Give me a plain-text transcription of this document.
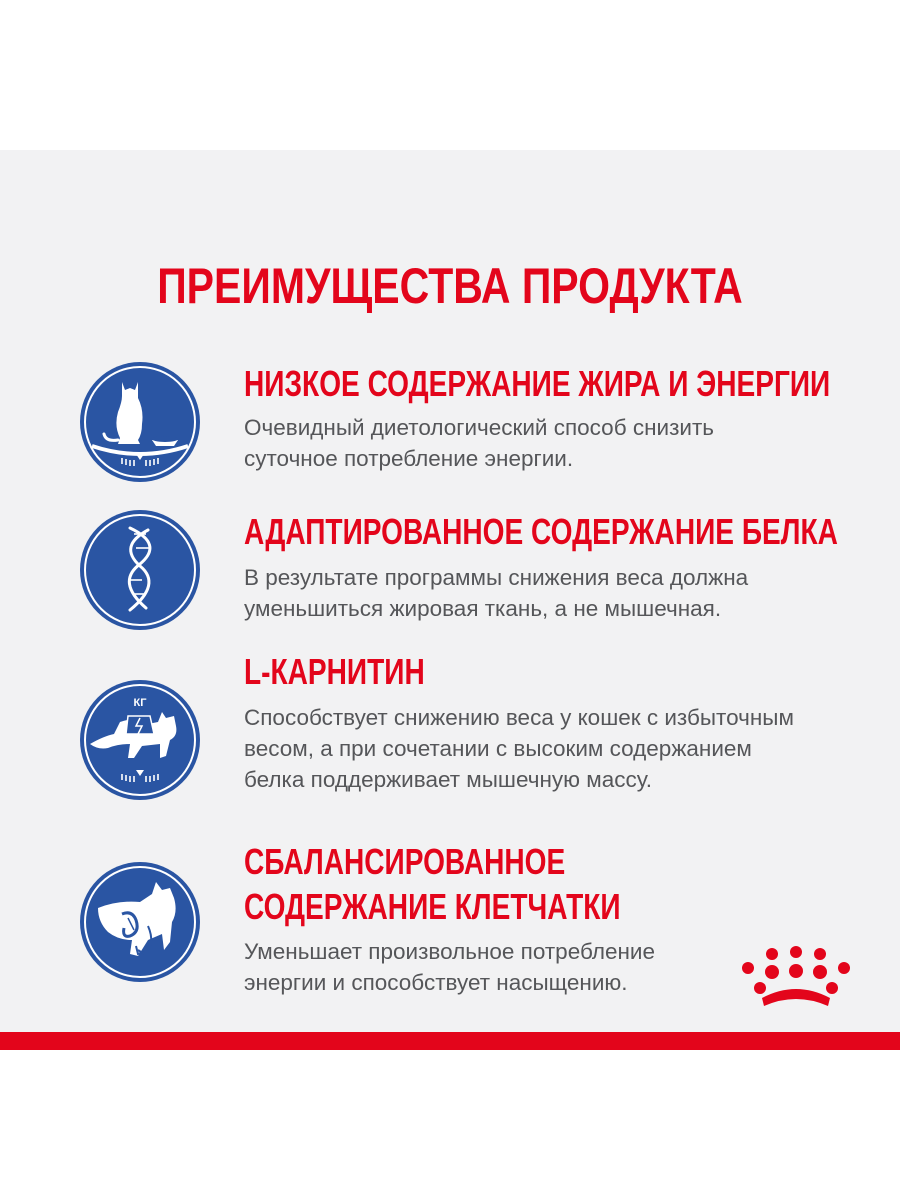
ПРЕИМУЩЕСТВА ПРОДУКТА
НИЗКОЕ СОДЕРЖАНИЕ ЖИРА И ЭНЕРГИИ
Очевидный диетологический способ снизить
суточное потребление энергии.
АДАПТИРОВАННОЕ СОДЕРЖАНИЕ БЕЛКА
В результате программы снижения веса должна
уменьшиться жировая ткань, а не мышечная.
КГ
L-КАРНИТИН
Способствует снижению веса у кошек с избыточным
весом, а при сочетании с высоким содержанием
белка поддерживает мышечную массу.
СБАЛАНСИРОВАННОЕ
СОДЕРЖАНИЕ КЛЕТЧАТКИ
Уменьшает произвольное потребление
энергии и способствует насыщению.
